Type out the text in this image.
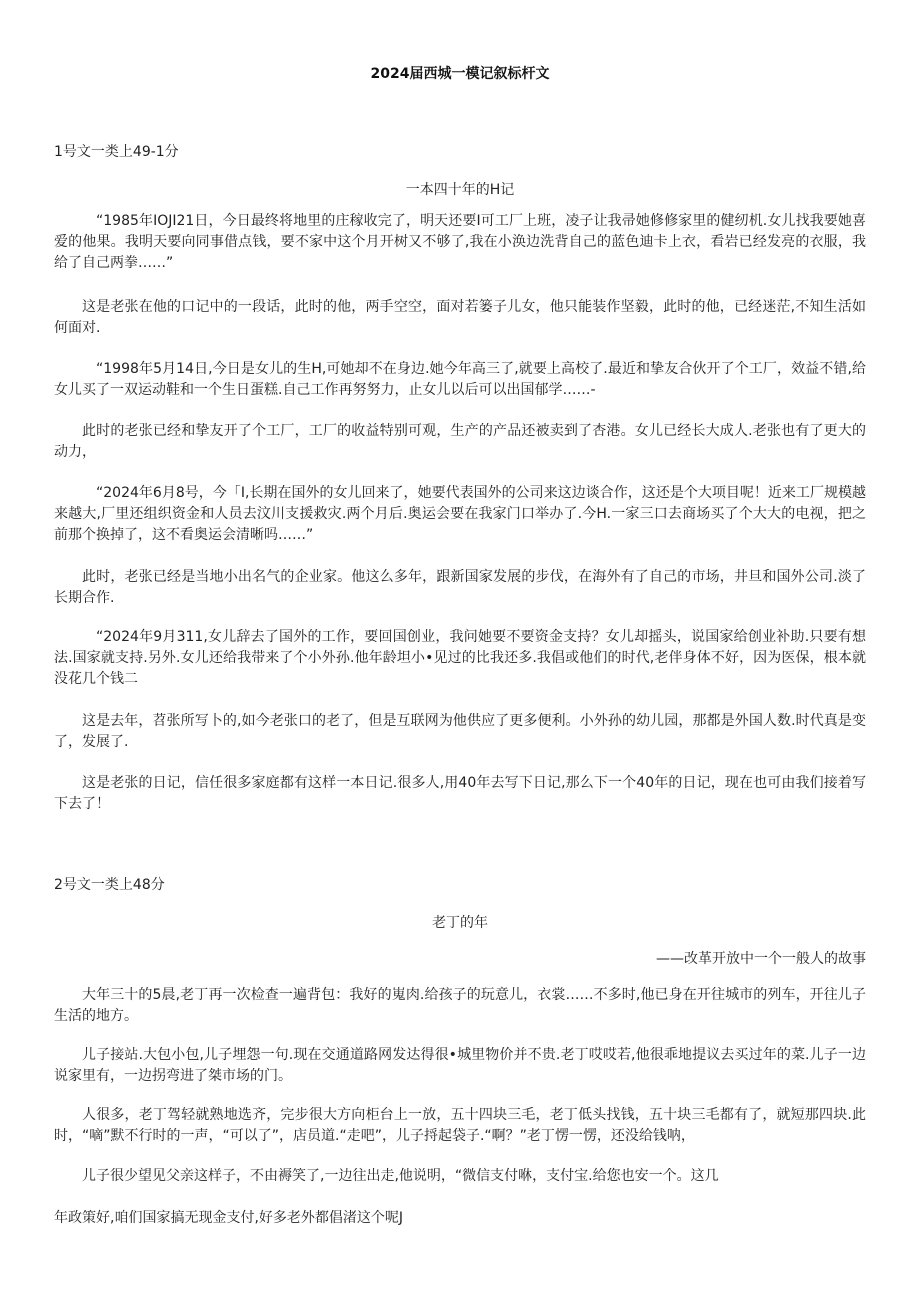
2024届西城一模记叙标杆文
1号文一类上49-1分
一本四十年的H记

“1985年IOJI21日，今日最终将地里的庄稼收完了，明天还要I可工厂上班，凌子让我帚她修修家里的健纫机.女儿找我要她喜爱的他果。我明天要向同事借点钱，要不家中这个月开树又不够了,我在小涣边洗背自己的蓝色迪卡上衣，看岩已经发亮的衣服，我给了自己两拳……”

这是老张在他的口记中的一段话，此时的他，两手空空，面对若篓子儿女，他只能装作坚毅，此时的他，已经迷茫,不知生活如何面对.

“1998年5月14日,今日是女儿的生H,可她却不在身边.她今年高三了,就要上高校了.最近和挚友合伙开了个工厂，效益不错,给女儿买了一双运动鞋和一个生日蛋糕.自己工作再努努力，止女儿以后可以出国郁学……-

此时的老张已经和挚友开了个工厂，工厂的收益特别可观，生产的产品还被卖到了杏港。女儿已经长大成人.老张也有了更大的动力，

“2024年6月8号，今「I,长期在国外的女儿回来了，她要代表国外的公司来这边谈合作，这还是个大项目呢！近来工厂规模越来越大,厂里还组织资金和人员去汶川支援救灾.两个月后.奥运会要在我家门口举办了.今H.一家三口去商场买了个大大的电视，把之前那个换掉了，这不看奥运会清晰吗……”

此时，老张已经是当地小出名气的企业家。他这么多年，跟新国家发展的步伐，在海外有了自己的市场，井旦和国外公司.淡了长期合作.

“2024年9月311,女儿辞去了国外的工作，要回国创业，我问她要不要资金支持？女儿却摇头，说国家给创业补助.只要有想法.国家就支持.另外.女儿还给我带来了个小外孙.他年龄坦小•见过的比我还多.我倡或他们的时代,老伴身体不好，因为医保，根本就没花几个钱二

这是去年，苕张所写卜的,如今老张口的老了，但是互联网为他供应了更多便利。小外孙的幼儿园，那都是外国人数.时代真是变了，发展了.

这是老张的日记，信任很多家庭都有这样一本日记.很多人,用40年去写下日记,那么下一个40年的日记，现在也可由我们接着写下去了！

2号文一类上48分
老丁的年
——改革开放中一个一般人的故事

大年三十的5晨,老丁再一次检查一遍背包：我好的嵬肉.给孩子的玩意儿，衣裳……不多时,他已身在开往城市的列车，开往儿子生活的地方。

儿子接站.大包小包,儿子埋怨一句.现在交通道路网发达得很•城里物价并不贵.老丁哎哎若,他很乖地提议去买过年的菜.儿子一边说家里有，一边拐弯进了桀市场的门。

人很多，老丁驾轻就熟地选齐，完步很大方向柜台上一放，五十四块三毛，老丁低头找钱，五十块三毛都有了，就短那四块.此时，“嘀”默不行时的一声，“可以了”，店员道.“走吧”，儿子捋起袋子.“啊？”老丁愣一愣，还没给钱呐，

儿子很少望见父亲这样子，不由褥笑了,一边往出走,他说明，“微信支付咻，支付宝.给您也安一个。这几

年政策好,咱们国家搞无现金支付,好多老外都倡渚这个呢J
